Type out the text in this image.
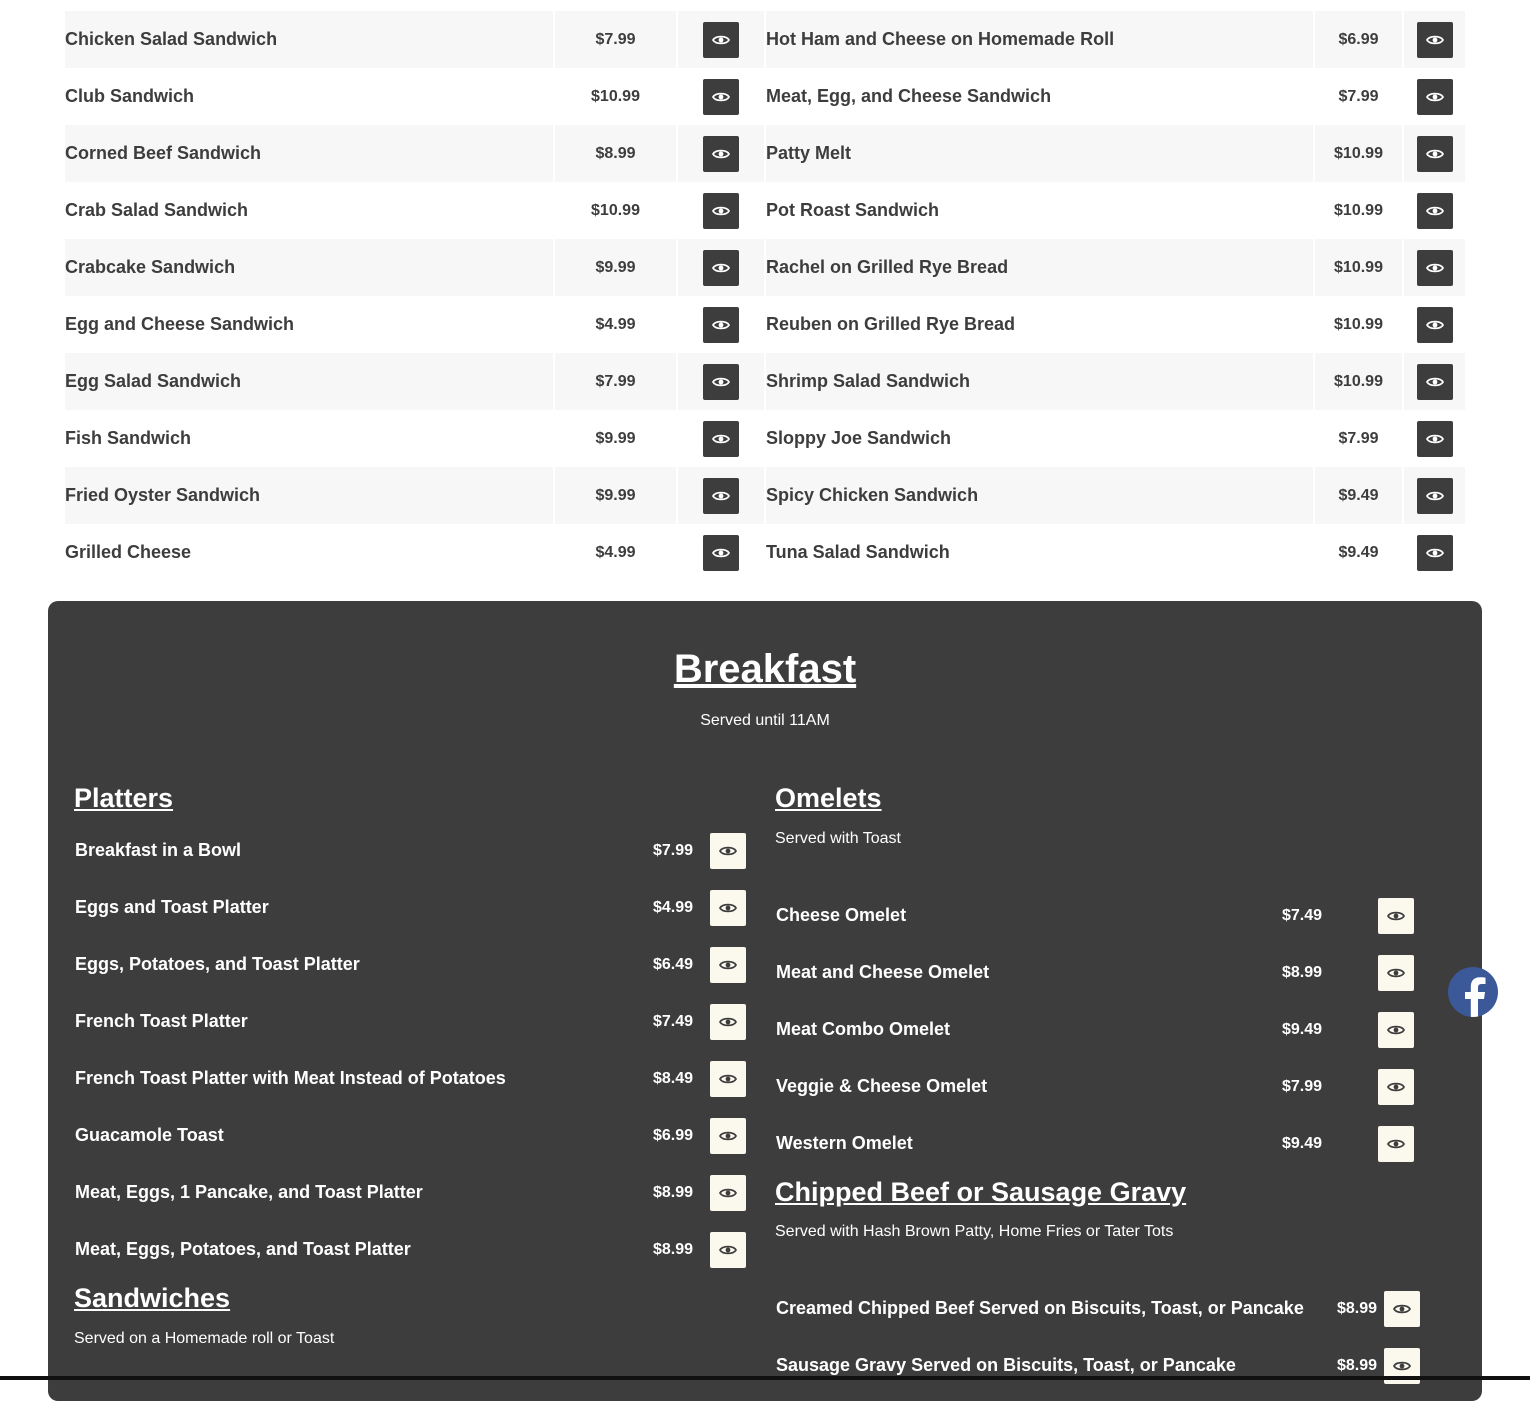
Chicken Salad Sandwich	$7.99
Club Sandwich	$10.99
Corned Beef Sandwich	$8.99
Crab Salad Sandwich	$10.99
Crabcake Sandwich	$9.99
Egg and Cheese Sandwich	$4.99
Egg Salad Sandwich	$7.99
Fish Sandwich	$9.99
Fried Oyster Sandwich	$9.99
Grilled Cheese	$4.99
Hot Ham and Cheese on Homemade Roll	$6.99
Meat, Egg, and Cheese Sandwich	$7.99
Patty Melt	$10.99
Pot Roast Sandwich	$10.99
Rachel on Grilled Rye Bread	$10.99
Reuben on Grilled Rye Bread	$10.99
Shrimp Salad Sandwich	$10.99
Sloppy Joe Sandwich	$7.99
Spicy Chicken Sandwich	$9.49
Tuna Salad Sandwich	$9.49
Breakfast
Served until 11AM
Platters
Breakfast in a Bowl	$7.99
Eggs and Toast Platter	$4.99
Eggs, Potatoes, and Toast Platter	$6.49
French Toast Platter	$7.49
French Toast Platter with Meat Instead of Potatoes	$8.49
Guacamole Toast	$6.99
Meat, Eggs, 1 Pancake, and Toast Platter	$8.99
Meat, Eggs, Potatoes, and Toast Platter	$8.99
Sandwiches
Served on a Homemade roll or Toast
Omelets
Served with Toast
Cheese Omelet	$7.49
Meat and Cheese Omelet	$8.99
Meat Combo Omelet	$9.49
Veggie & Cheese Omelet	$7.99
Western Omelet	$9.49
Chipped Beef or Sausage Gravy
Served with Hash Brown Patty, Home Fries or Tater Tots
Creamed Chipped Beef Served on Biscuits, Toast, or Pancake $8.99
Sausage Gravy Served on Biscuits, Toast, or Pancake	$8.99
